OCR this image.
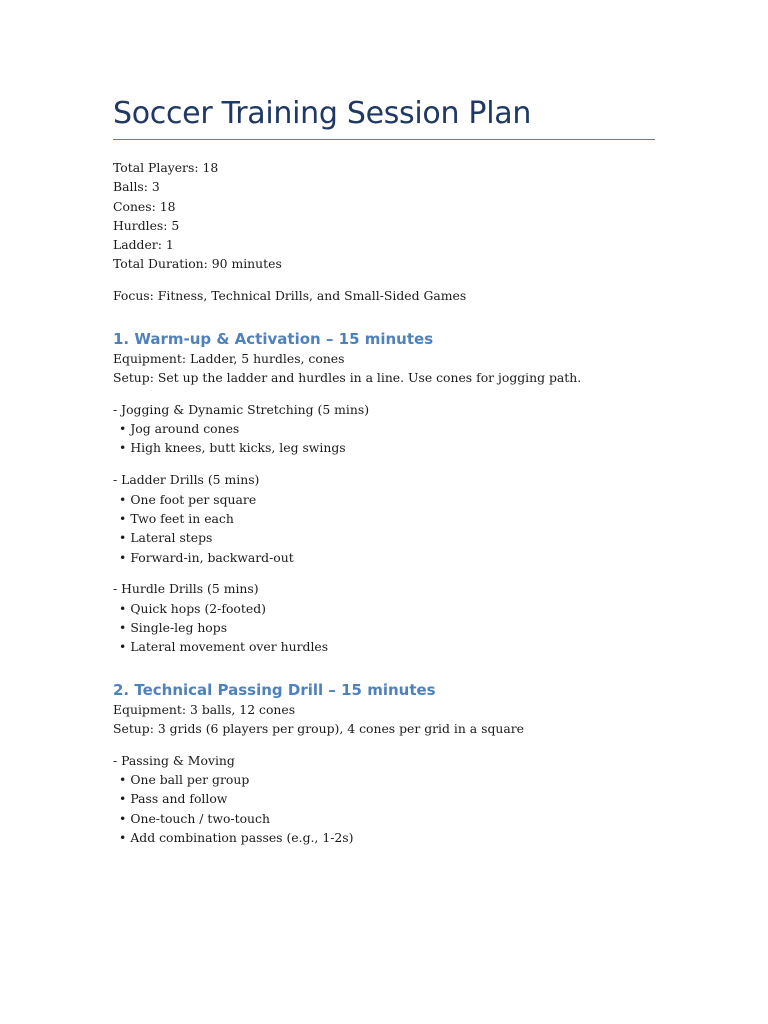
Soccer Training Session Plan
Total Players: 18
Balls: 3
Cones: 18
Hurdles: 5
Ladder: 1
Total Duration: 90 minutes
Focus: Fitness, Technical Drills, and Small-Sided Games
1. Warm-up & Activation – 15 minutes
Equipment: Ladder, 5 hurdles, cones
Setup: Set up the ladder and hurdles in a line. Use cones for jogging path.
- Jogging & Dynamic Stretching (5 mins)
• Jog around cones
• High knees, butt kicks, leg swings
- Ladder Drills (5 mins)
• One foot per square
• Two feet in each
• Lateral steps
• Forward-in, backward-out
- Hurdle Drills (5 mins)
• Quick hops (2-footed)
• Single-leg hops
• Lateral movement over hurdles
2. Technical Passing Drill – 15 minutes
Equipment: 3 balls, 12 cones
Setup: 3 grids (6 players per group), 4 cones per grid in a square
- Passing & Moving
• One ball per group
• Pass and follow
• One-touch / two-touch
• Add combination passes (e.g., 1-2s)
